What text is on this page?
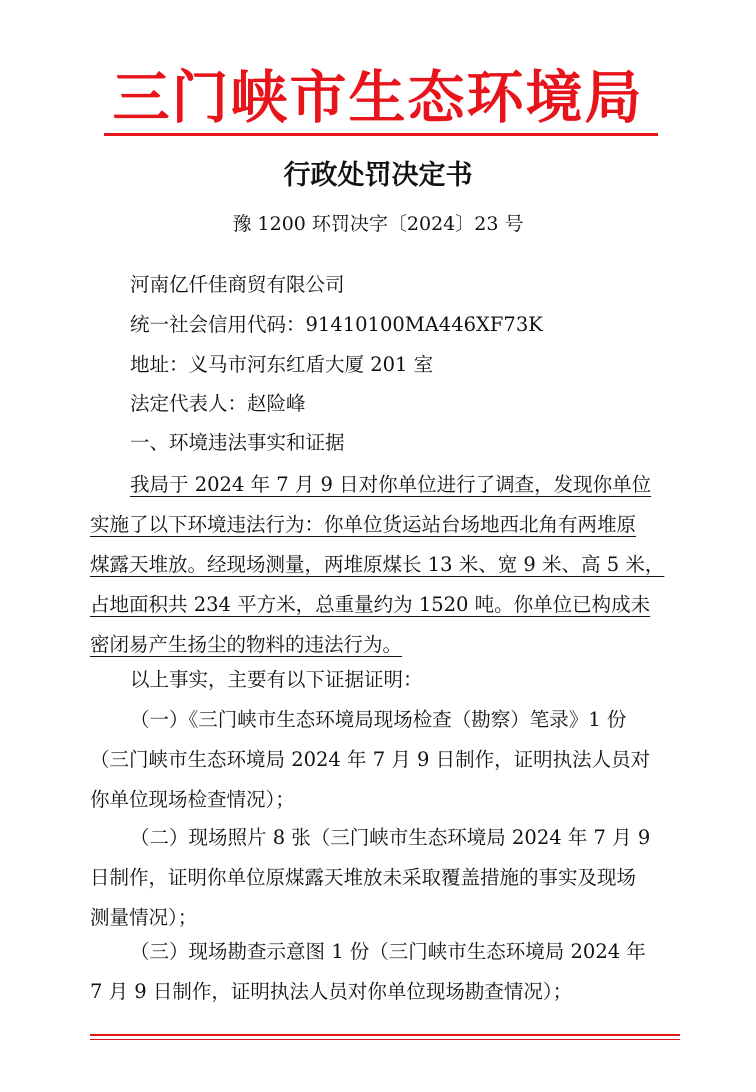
三门峡市生态环境局
行政处罚决定书
豫 1200 环罚决字〔2024〕23 号
河南亿仟佳商贸有限公司
统一社会信用代码：91410100MA446XF73K
地址：义马市河东红盾大厦 201 室
法定代表人：赵险峰
一、环境违法事实和证据
我局于 2024 年 7 月 9 日对你单位进行了调查，发现你单位
实施了以下环境违法行为：你单位货运站台场地西北角有两堆原
煤露天堆放。经现场测量，两堆原煤长 13 米、宽 9 米、高 5 米，
占地面积共 234 平方米，总重量约为 1520 吨。你单位已构成未
密闭易产生扬尘的物料的违法行为。
以上事实，主要有以下证据证明：
（一）《三门峡市生态环境局现场检查（勘察）笔录》1 份
（三门峡市生态环境局 2024 年 7 月 9 日制作，证明执法人员对
你单位现场检查情况）；
（二）现场照片 8 张（三门峡市生态环境局 2024 年 7 月 9
日制作，证明你单位原煤露天堆放未采取覆盖措施的事实及现场
测量情况）；
（三）现场勘查示意图 1 份（三门峡市生态环境局 2024 年
7 月 9 日制作，证明执法人员对你单位现场勘查情况）；
